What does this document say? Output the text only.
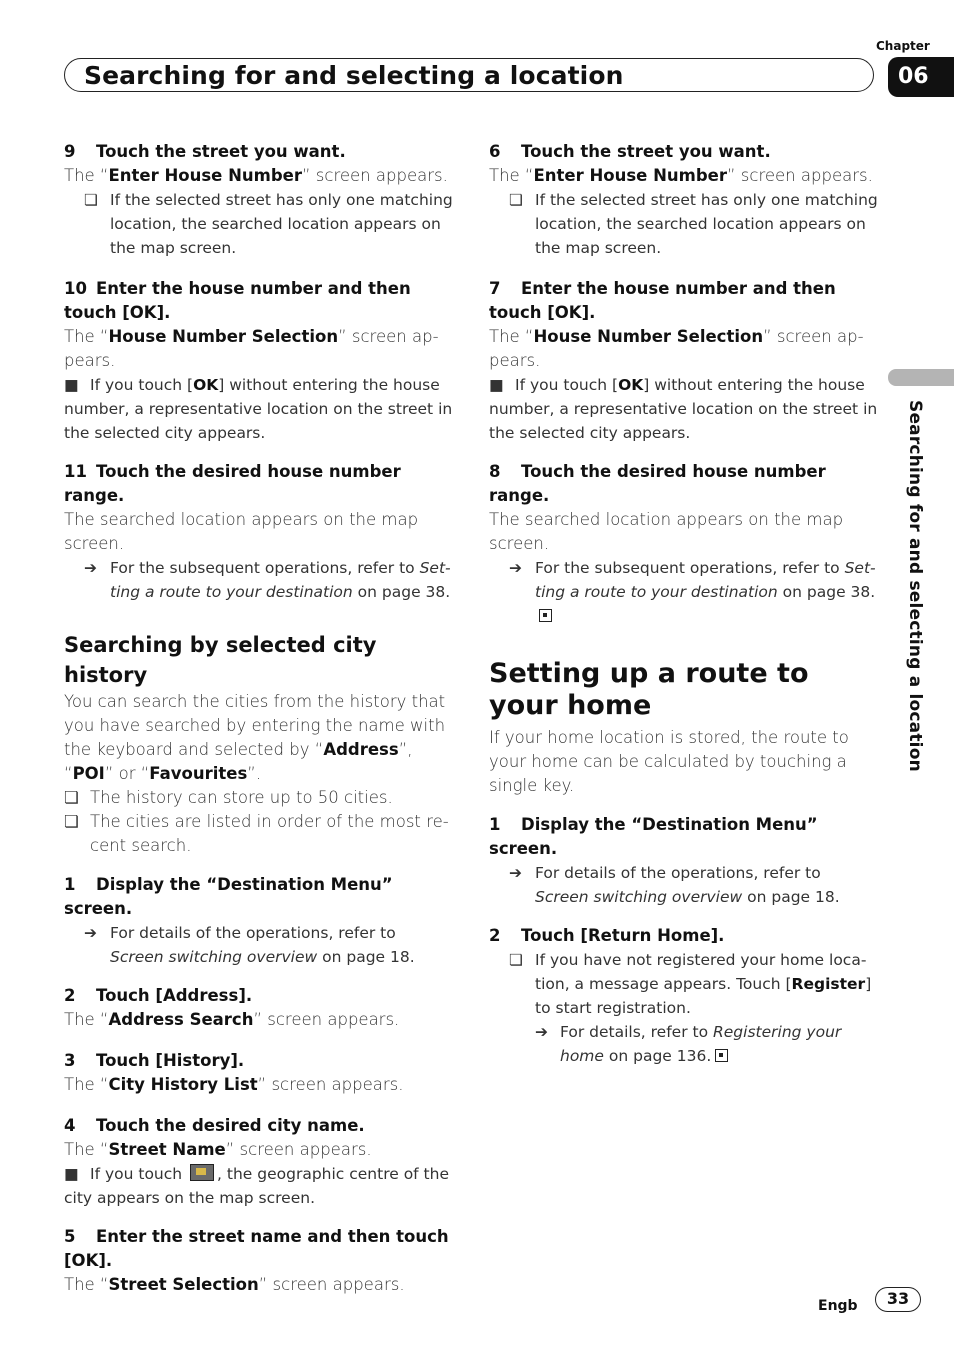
Searching for and selecting a location
Chapter
06
Searching for and selecting a location

9 Touch the street you want.

The “Enter House Number” screen appears.

❏ If the selected street has only one matching location, the searched location appears on the map screen.

10 Enter the house number and then touch [OK].

The “House Number Selection” screen ap-pears.

■ If you touch [OK] without entering the house number, a representative location on the street in the selected city appears.

11 Touch the desired house number range.

The searched location appears on the map screen.

➔ For the subsequent operations, refer to Set-ting a route to your destination on page 38.

Searching by selected city history

You can search the cities from the history that you have searched by entering the name with the keyboard and selected by “Address”, “POI” or “Favourites”.

❏ The history can store up to 50 cities.

❏ The cities are listed in order of the most re-cent search.

1 Display the “Destination Menu” screen.

➔ For details of the operations, refer to Screen switching overview on page 18.

2 Touch [Address].

The “Address Search” screen appears.

3 Touch [History].

The “City History List” screen appears.

4 Touch the desired city name.

The “Street Name” screen appears.

■ If you touch , the geographic centre of the city appears on the map screen.

5 Enter the street name and then touch [OK].

The “Street Selection” screen appears.

6 Touch the street you want.

The “Enter House Number” screen appears.

❏ If the selected street has only one matching location, the searched location appears on the map screen.

7 Enter the house number and then touch [OK].

The “House Number Selection” screen ap-pears.

■ If you touch [OK] without entering the house number, a representative location on the street in the selected city appears.

8 Touch the desired house number range.

The searched location appears on the map screen.

➔ For the subsequent operations, refer to Set-ting a route to your destination on page 38.

Setting up a route to your home

If your home location is stored, the route to your home can be calculated by touching a single key.

1 Display the “Destination Menu” screen.

➔ For details of the operations, refer to Screen switching overview on page 18.

2 Touch [Return Home].

❏ If you have not registered your home loca-tion, a message appears. Touch [Register] to start registration.

➔ For details, refer to Registering your home on page 136.

Engb	33
